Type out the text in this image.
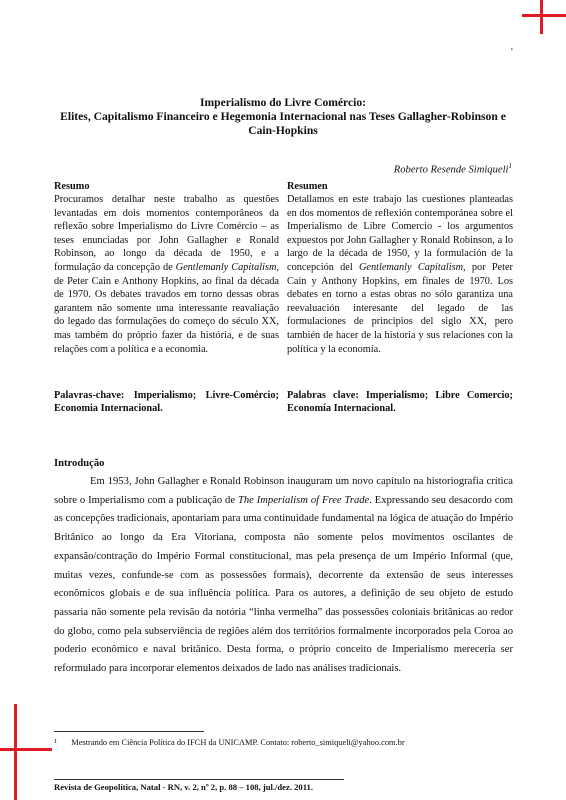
'
Imperialismo do Livre Comércio:
Elites, Capitalismo Financeiro e Hegemonia Internacional nas Teses Gallagher-Robinson e Cain-Hopkins
Roberto Resende Simiqueli$^1$
Resumo

Procuramos detalhar neste trabalho as questões levantadas em dois momentos contemporâneos da reflexão sobre Imperialismo do Livre Comércio – as teses enunciadas por John Gallagher e Ronald Robinson, ao longo da década de 1950, e a formulação da concepção de Gentlemanly Capitalism, de Peter Cain e Anthony Hopkins, ao final da década de 1970. Os debates travados em torno dessas obras garantem não somente uma interessante reavaliação do legado das formulações do começo do século XX, mas também do próprio fazer da história, e de suas relações com a política e a economia.

Resumen

Detallamos en este trabajo las cuestiones planteadas en dos momentos de reflexión contemporánea sobre el Imperialismo de Libre Comercio - los argumentos expuestos por John Gallagher y Ronald Robinson, a lo largo de la década de 1950, y la formulación de la concepción del Gentlemanly Capitalism, por Peter Cain y Anthony Hopkins, em finales de 1970. Los debates en torno a estas obras no sólo garantiza una reevaluación interesante del legado de las formulaciones de principios del siglo XX, pero también de hacer de la historia y sus relaciones con la política y la economía.

Palavras-chave: Imperialismo; Livre-Comércio; Economia Internacional.
Palabras clave: Imperialismo; Libre Comercio; Economía Internacional.
Introdução

Em 1953, John Gallagher e Ronald Robinson inauguram um novo capítulo na historiografia crítica sobre o Imperialismo com a publicação de The Imperialism of Free Trade. Expressando seu desacordo com as concepções tradicionais, apontariam para uma continuidade fundamental na lógica de atuação do Império Britânico ao longo da Era Vitoriana, composta não somente pelos movimentos oscilantes de expansão/contração do Império Formal constitucional, mas pela presença de um Império Informal (que, muitas vezes, confunde-se com as possessões formais), decorrente da extensão de seus interesses econômicos globais e de sua influência política. Para os autores, a definição de seu objeto de estudo passaria não somente pela revisão da notória “linha vermelha” das possessões coloniais britânicas ao redor do globo, como pela subserviência de regiões além dos territórios formalmente incorporados pela Coroa ao poderio econômico e naval britânico. Desta forma, o próprio conceito de Imperialismo mereceria ser reformulado para incorporar elementos deixados de lado nas análises tradicionais.

$^1$ Mestrando em Ciência Política do IFCH da UNICAMP. Contato: roberto_simiqueli@yahoo.com.br
Revista de Geopolítica, Natal - RN, v. 2, nº 2, p. 88 – 108, jul./dez. 2011.
